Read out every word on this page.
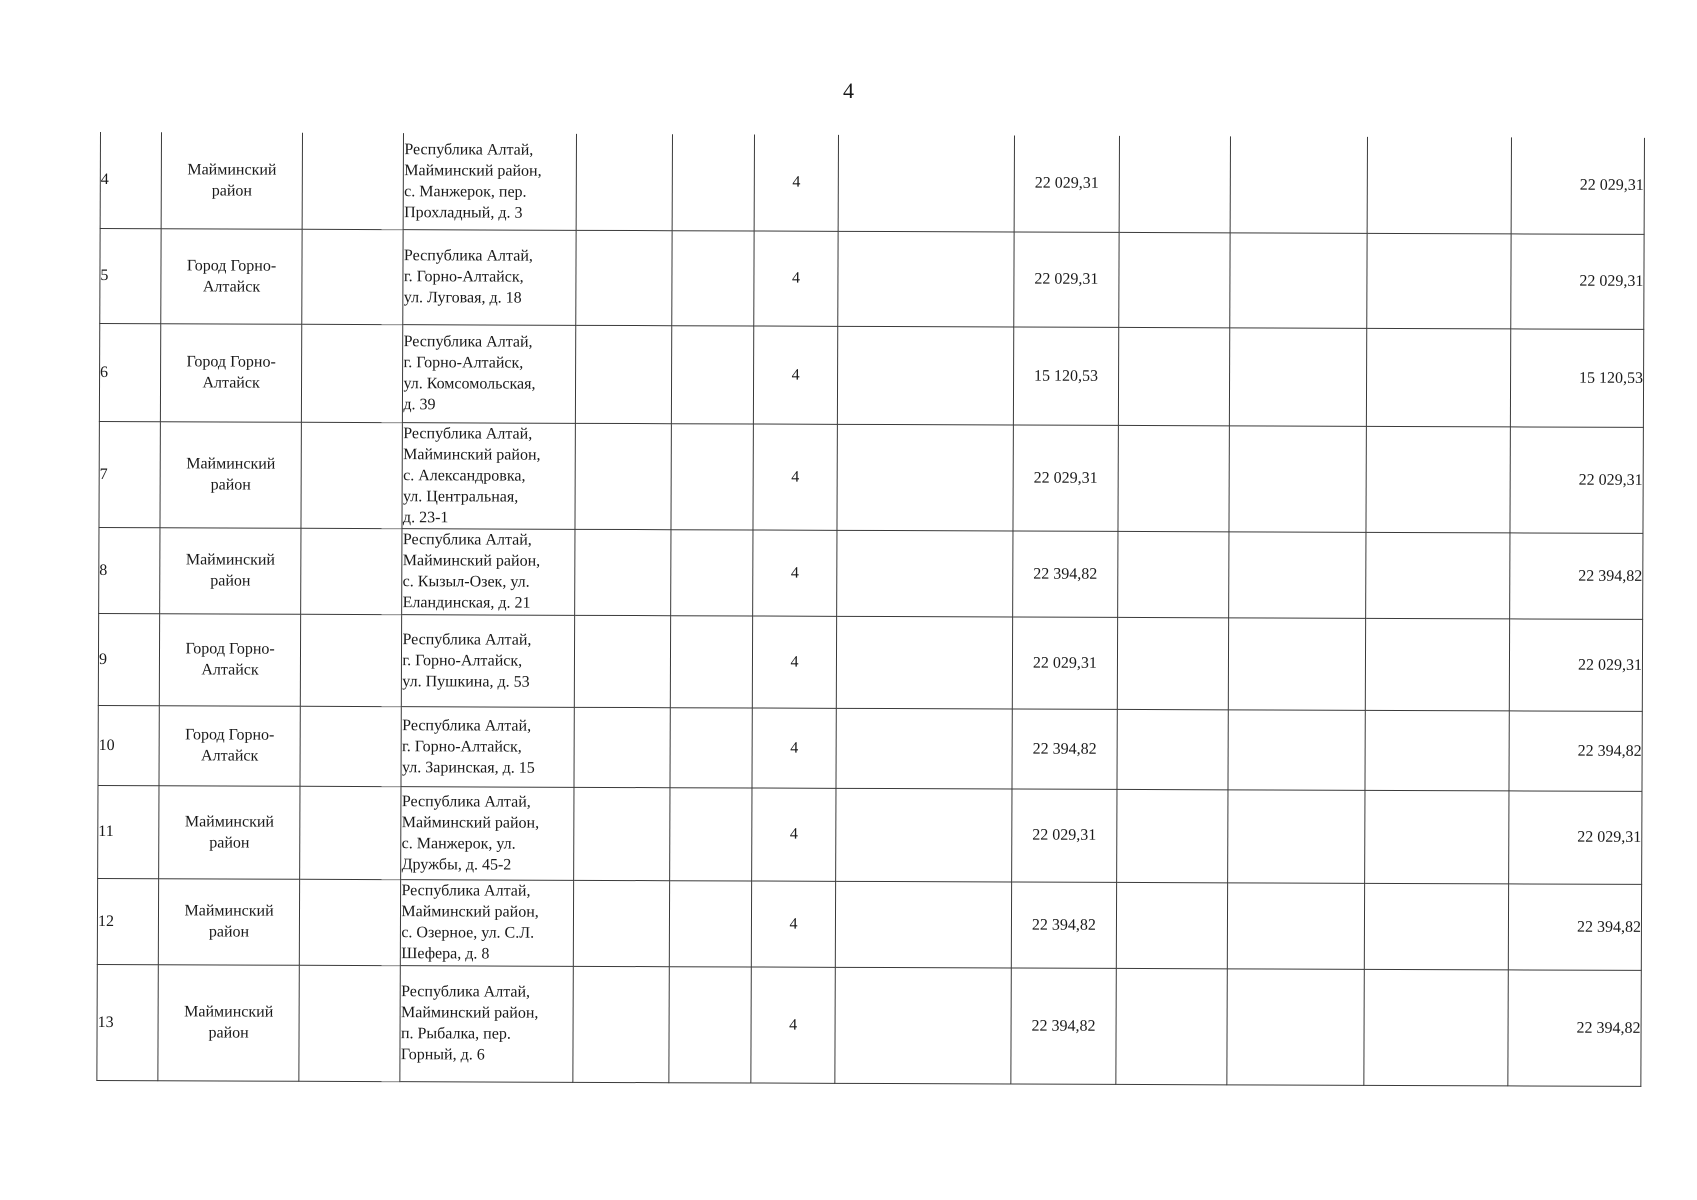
4
4	Майминский
район		Республика Алтай,
Майминский район,
с. Манжерок, пер.
Прохладный, д. 3			4		22 029,31				22 029,31
5	Город Горно-
Алтайск		Республика Алтай,
г. Горно-Алтайск,
ул. Луговая, д. 18			4		22 029,31				22 029,31
6	Город Горно-
Алтайск		Республика Алтай,
г. Горно-Алтайск,
ул. Комсомольская,
д. 39			4		15 120,53				15 120,53
7	Майминский
район		Республика Алтай,
Майминский район,
с. Александровка,
ул. Центральная,
д. 23-1			4		22 029,31				22 029,31
8	Майминский
район		Республика Алтай,
Майминский район,
с. Кызыл-Озек, ул.
Еландинская, д. 21			4		22 394,82				22 394,82
9	Город Горно-
Алтайск		Республика Алтай,
г. Горно-Алтайск,
ул. Пушкина, д. 53			4		22 029,31				22 029,31
10	Город Горно-
Алтайск		Республика Алтай,
г. Горно-Алтайск,
ул. Заринская, д. 15			4		22 394,82				22 394,82
11	Майминский
район		Республика Алтай,
Майминский район,
с. Манжерок, ул.
Дружбы, д. 45-2			4		22 029,31				22 029,31
12	Майминский
район		Республика Алтай,
Майминский район,
с. Озерное, ул. С.Л.
Шефера, д. 8			4		22 394,82				22 394,82
13	Майминский
район		Республика Алтай,
Майминский район,
п. Рыбалка, пер.
Горный, д. 6			4		22 394,82				22 394,82
